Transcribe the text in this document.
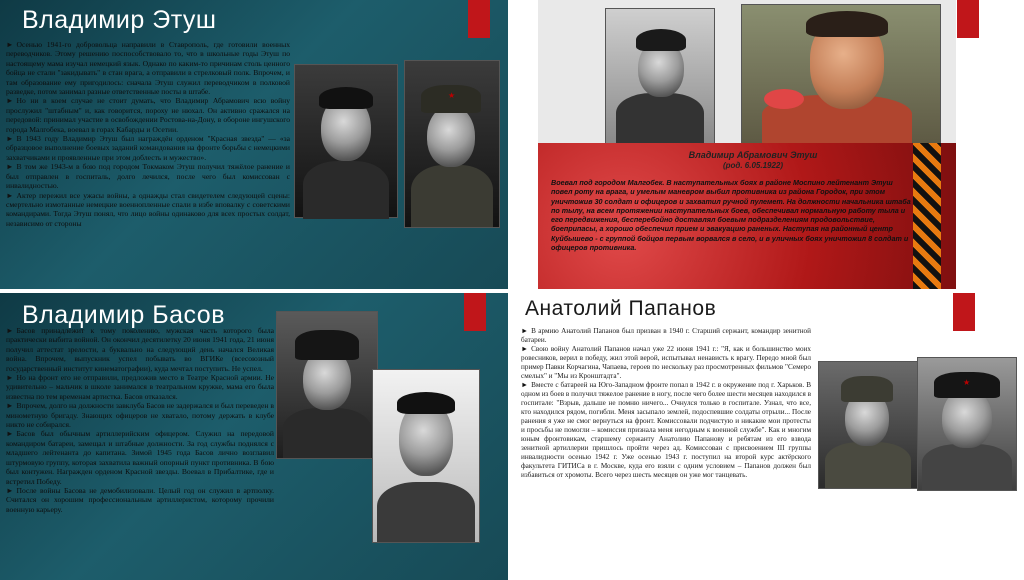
Владимир Этуш

► Осенью 1941-го добровольца направили в Ставрополь, где готовили военных переводчиков. Этому решению поспособствовало то, что в школьные годы Этуш по настоящему мама изучал немецкий язык. Однако по каким-то причинам столь ценного бойца не стали "закидывать" в стан врага, а отправили в стрелковый полк. Впрочем, и там образование ему пригодилось: сначала Этуш служил переводчиком в полковой разведке, потом занимал разные ответственные посты в штабе.

► Но ни в коем случае не стоит думать, что Владимир Абрамович всю войну прослужил "штабным" и, как говорится, пороху не нюхал. Он активно сражался на передовой: принимал участие в освобождении Ростова-на-Дону, в обороне ингушского города Малгобека, воевал в горах Кабарды и Осетии.

► В 1943 году Владимир Этуш был награждён орденом "Красная звезда" — «за образцовое выполнение боевых заданий командования на фронте борьбы с немецкими захватчиками и проявленные при этом доблесть и мужество».

► В том же 1943-м в бою под городом Токмаком Этуш получил тяжёлое ранение и был отправлен в госпиталь, долго лечился, после чего был комиссован с инвалидностью.

► Актер пережил все ужасы войны, а однажды стал свидетелем следующей сцены: смертельно измотанные немецкие военнопленные спали в избе вповалку с советскими командирами. Тогда Этуш понял, что лицо войны одинаково для всех простых солдат, независимо от стороны

★
Владимир Абрамович Этуш
(род. 6.05.1922)
Воевал под городом Малгобек. В наступательных боях в районе Моспино лейтенант Этуш повел роту на врага, и умелым маневром выбил противника из района Городок, при этом уничтожив 30 солдат и офицеров и захватил ручной пулемет. На должности начальника штаба по тылу, на всем протяжении наступательных боев, обеспечивал нормальную работу тыла и его передвижения, бесперебойно доставлял боевым подразделениям продовольствие, боеприпасы, а хорошо обеспечил прием и эвакуацию раненых. Наступая на районный центр Куйбышево - с группой бойцов первым ворвался в село, и в уличных боях уничтожил 8 солдат и офицеров противника.
Владимир Басов

► Басов принадлежит к тому поколению, мужская часть которого была практически выбита войной. Он окончил десятилетку 20 июня 1941 года, 21 июня получил аттестат зрелости, а буквально на следующий день начался Великая война. Впрочем, выпускник успел побывать во ВГИКе (всесоюзный государственный институт кинематографии), куда мечтал поступить. Не успел.

► Но на фронт его не отправили, предложив место в Театре Красной армии. Не удивительно – мальчик в школе занимался в театральном кружке, мама его была известна по тем временам артистка. Басов отказался.

► Впрочем, долго на должности завклуба Басов не задержался и был переведен в минометную бригаду. Знающих офицеров не хватало, потому держать в клубе никто не собирался.

► Басов был обычным артиллерийским офицером. Служил на передовой командиром батареи, замещал и штабные должности. За год службы поднялся с младшего лейтенанта до капитана. Зимой 1945 года Басов лично возглавил штурмовую группу, которая захватила важный опорный пункт противника. В бою был контужен. Награжден орденом Красной звезды. Воевал в Прибалтике, где и встретил Победу.

► После войны Басова не демобилизовали. Целый год он служил в артполку. Считался он хорошим профессиональным артиллеристом, которому прочили военную карьеру.

Анатолий Папанов

► В армию Анатолий Папанов был призван в 1940 г. Старший сержант, командир зенитной батареи.

► Свою войну Анатолий Папанов начал уже 22 июня 1941 г.: "Я, как и большинство моих ровесников, верил в победу, жил этой верой, испытывал ненависть к врагу. Передо мной был пример Павки Корчагина, Чапаева, героев по нескольку раз просмотренных фильмов "Семеро смелых" и "Мы из Кронштадта".

► Вместе с батареей на Юго-Западном фронте попал в 1942 г. в окружение под г. Харьков. В одном из боев в получил тяжелое ранение в ногу, после чего более шести месяцев находился в госпитале: "Взрыв, дальше не помню ничего... Очнулся только в госпитале. Узнал, что все, кто находился рядом, погибли. Меня засыпало землей, подоспевшие солдаты отрыли... После ранения я уже не смог вернуться на фронт. Комиссовали подчистую и никакие мои протесты и просьбы не помогли – комиссия признала меня негодным к военной службе". Как и многим юным фронтовикам, старшему сержанту Анатолию Папанову и ребятам из его взвода зенитной артиллерии пришлось пройти через ад. Комиссован с присвоением III группы инвалидности осенью 1942 г. Уже осенью 1943 г. поступил на второй курс актёрского факультета ГИТИСа в г. Москве, куда его взяли с одним условием – Папанов должен был избавиться от хромоты. Всего через шесть месяцев он уже мог танцевать.

★
